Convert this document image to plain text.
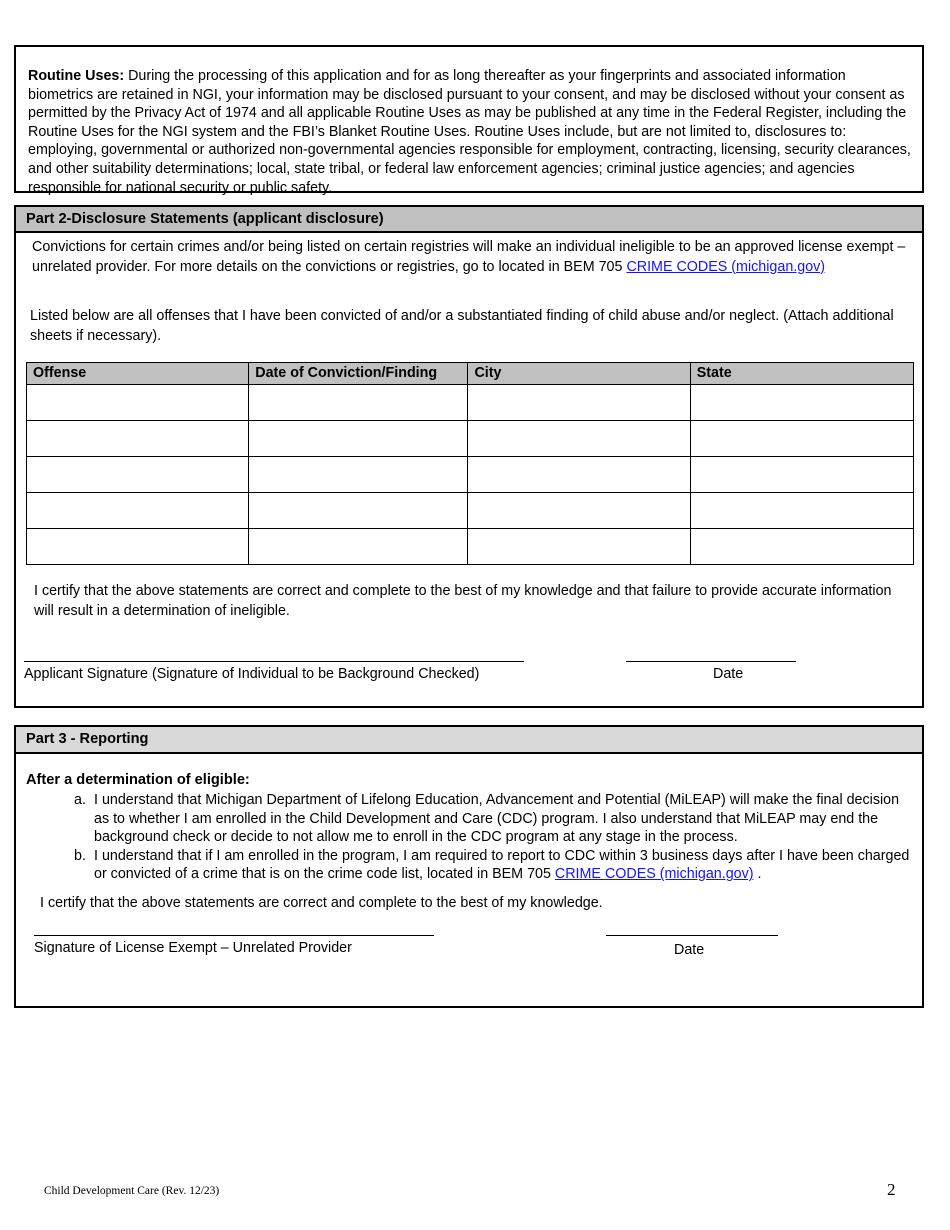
Routine Uses: During the processing of this application and for as long thereafter as your fingerprints and associated information biometrics are retained in NGI, your information may be disclosed pursuant to your consent, and may be disclosed without your consent as permitted by the Privacy Act of 1974 and all applicable Routine Uses as may be published at any time in the Federal Register, including the Routine Uses for the NGI system and the FBI’s Blanket Routine Uses. Routine Uses include, but are not limited to, disclosures to: employing, governmental or authorized non-governmental agencies responsible for employment, contracting, licensing, security clearances, and other suitability determinations; local, state tribal, or federal law enforcement agencies; criminal justice agencies; and agencies responsible for national security or public safety.
Part 2-Disclosure Statements (applicant disclosure)
Convictions for certain crimes and/or being listed on certain registries will make an individual ineligible to be an approved license exempt – unrelated provider. For more details on the convictions or registries, go to located in BEM 705 CRIME CODES (michigan.gov)
Listed below are all offenses that I have been convicted of and/or a substantiated finding of child abuse and/or neglect. (Attach additional sheets if necessary).
Offense	Date of Conviction/Finding	City	State

I certify that the above statements are correct and complete to the best of my knowledge and that failure to provide accurate information will result in a determination of ineligible.
Applicant Signature (Signature of Individual to be Background Checked)	Date
Part 3 - Reporting
After a determination of eligible:
a. I understand that Michigan Department of Lifelong Education, Advancement and Potential (MiLEAP) will make the final decision as to whether I am enrolled in the Child Development and Care (CDC) program. I also understand that MiLEAP may end the background check or decide to not allow me to enroll in the CDC program at any stage in the process.
b. I understand that if I am enrolled in the program, I am required to report to CDC within 3 business days after I have been charged or convicted of a crime that is on the crime code list, located in BEM 705 CRIME CODES (michigan.gov) .
I certify that the above statements are correct and complete to the best of my knowledge.
Signature of License Exempt – Unrelated Provider	Date
Child Development Care (Rev. 12/23)	2
